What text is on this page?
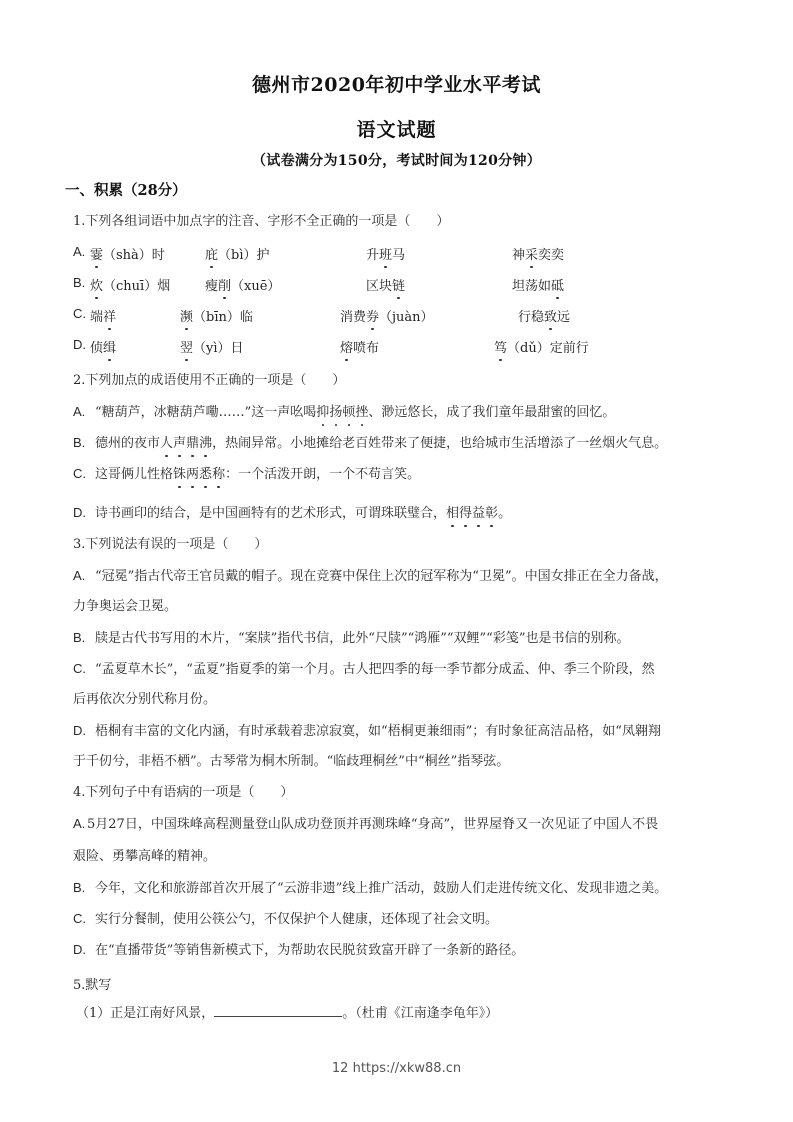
德州市2020年初中学业水平考试
语文试题
（试卷满分为150分，考试时间为120分钟）
一、积累（28分）
1.下列各组词语中加点字的注音、字形不全正确的一项是（　　）
A. 霎（shà）时	庇（bì）护	升班马	神采奕奕
B. 炊（chuī）烟	瘦削（xuē）	区块链	坦荡如砥
C. 端祥	濒（bīn）临	消费券（juàn）	行稳致远
D. 侦缉	翌（yì）日	熔喷布	笃（dǔ）定前行
2.下列加点的成语使用不正确的一项是（　　）
A. “糖葫芦，冰糖葫芦嘞……”这一声吆喝抑扬顿挫、渺远悠长，成了我们童年最甜蜜的回忆。
B. 德州的夜市人声鼎沸，热闹异常。小地摊给老百姓带来了便捷，也给城市生活增添了一丝烟火气息。
C. 这哥俩儿性格铢两悉称：一个活泼开朗，一个不苟言笑。
D. 诗书画印的结合，是中国画特有的艺术形式，可谓珠联璧合，相得益彰。
3.下列说法有误的一项是（　　）
A. “冠冕”指古代帝王官员戴的帽子。现在竞赛中保住上次的冠军称为“卫冕”。中国女排正在全力备战，
力争奥运会卫冕。
B. 牍是古代书写用的木片，“案牍”指代书信，此外“尺牍”“鸿雁”“双鲤”“彩笺”也是书信的别称。
C. “孟夏草木长”，“孟夏”指夏季的第一个月。古人把四季的每一季节都分成孟、仲、季三个阶段，然
后再依次分别代称月份。
D. 梧桐有丰富的文化内涵，有时承载着悲凉寂寞，如“梧桐更兼细雨”；有时象征高洁品格，如“凤翱翔
于千仞兮，非梧不栖”。古琴常为桐木所制。“临歧理桐丝”中“桐丝”指琴弦。
4.下列句子中有语病的一项是（　　）
A. 5月27日，中国珠峰高程测量登山队成功登顶并再测珠峰“身高”，世界屋脊又一次见证了中国人不畏
艰险、勇攀高峰的精神。
B. 今年，文化和旅游部首次开展了“云游非遗”线上推广活动，鼓励人们走进传统文化、发现非遗之美。
C. 实行分餐制，使用公筷公勺，不仅保护个人健康，还体现了社会文明。
D. 在“直播带货”等销售新模式下，为帮助农民脱贫致富开辟了一条新的路径。
5.默写
（1）正是江南好风景，	。（杜甫《江南逢李龟年》）
12 https://xkw88.cn
